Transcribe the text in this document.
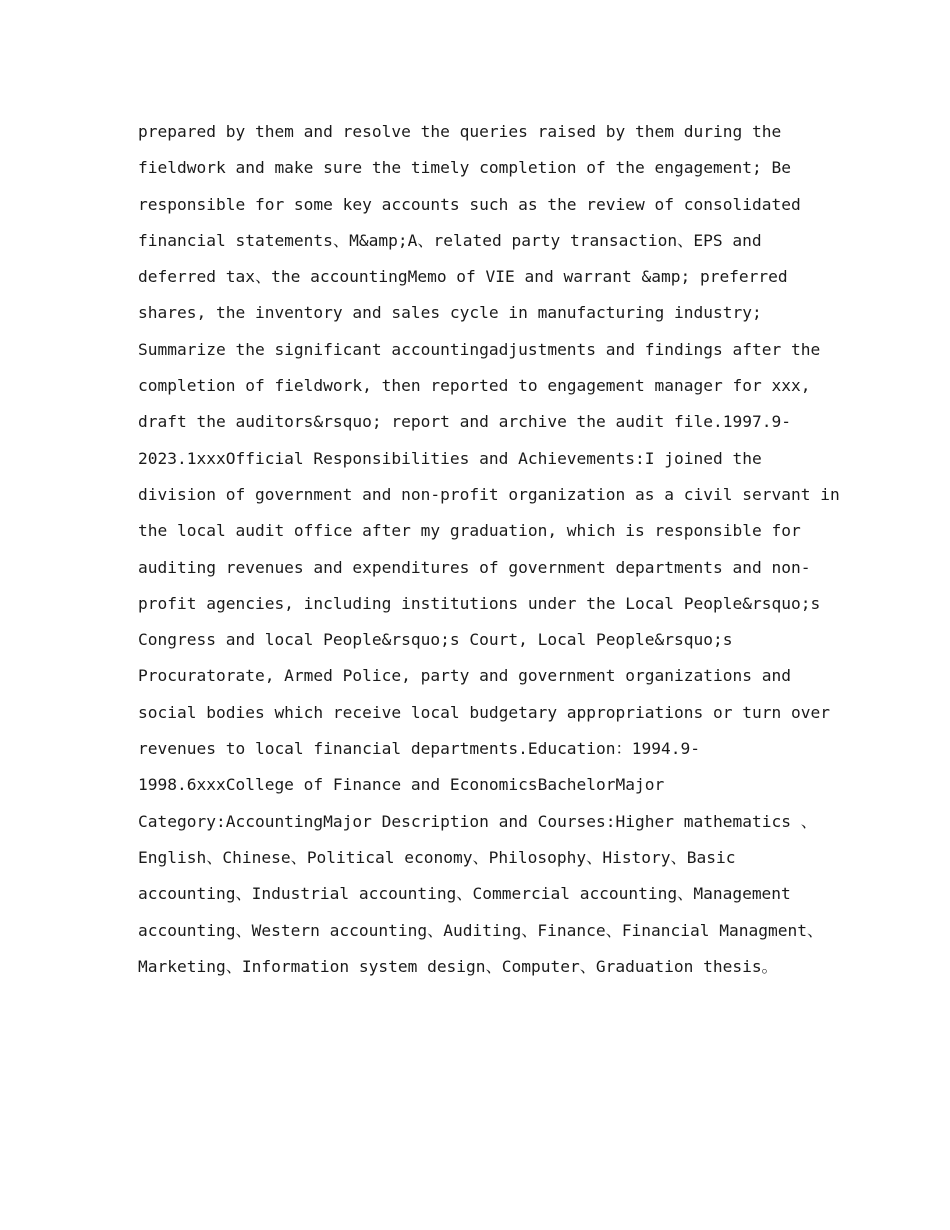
prepared by them and resolve the queries raised by them during the
fieldwork and make sure the timely completion of the engagement; Be
responsible for some key accounts such as the review of consolidated
financial statements、M&amp;A、related party transaction、EPS and
deferred tax、the accountingMemo of VIE and warrant &amp; preferred
shares, the inventory and sales cycle in manufacturing industry;
Summarize the significant accountingadjustments and findings after the
completion of fieldwork, then reported to engagement manager for xxx,
draft the auditors&rsquo; report and archive the audit file.1997.9-
2023.1xxxOfficial Responsibilities and Achievements:I joined the
division of government and non-profit organization as a civil servant in
the local audit office after my graduation, which is responsible for
auditing revenues and expenditures of government departments and non-
profit agencies, including institutions under the Local People&rsquo;s
Congress and local People&rsquo;s Court, Local People&rsquo;s
Procuratorate, Armed Police, party and government organizations and
social bodies which receive local budgetary appropriations or turn over
revenues to local financial departments.Education：1994.9-
1998.6xxxCollege of Finance and EconomicsBachelorMajor
Category:AccountingMajor Description and Courses:Higher mathematics 、
English、Chinese、Political economy、Philosophy、History、Basic
accounting、Industrial accounting、Commercial accounting、Management
accounting、Western accounting、Auditing、Finance、Financial Managment、
Marketing、Information system design、Computer、Graduation thesis。
